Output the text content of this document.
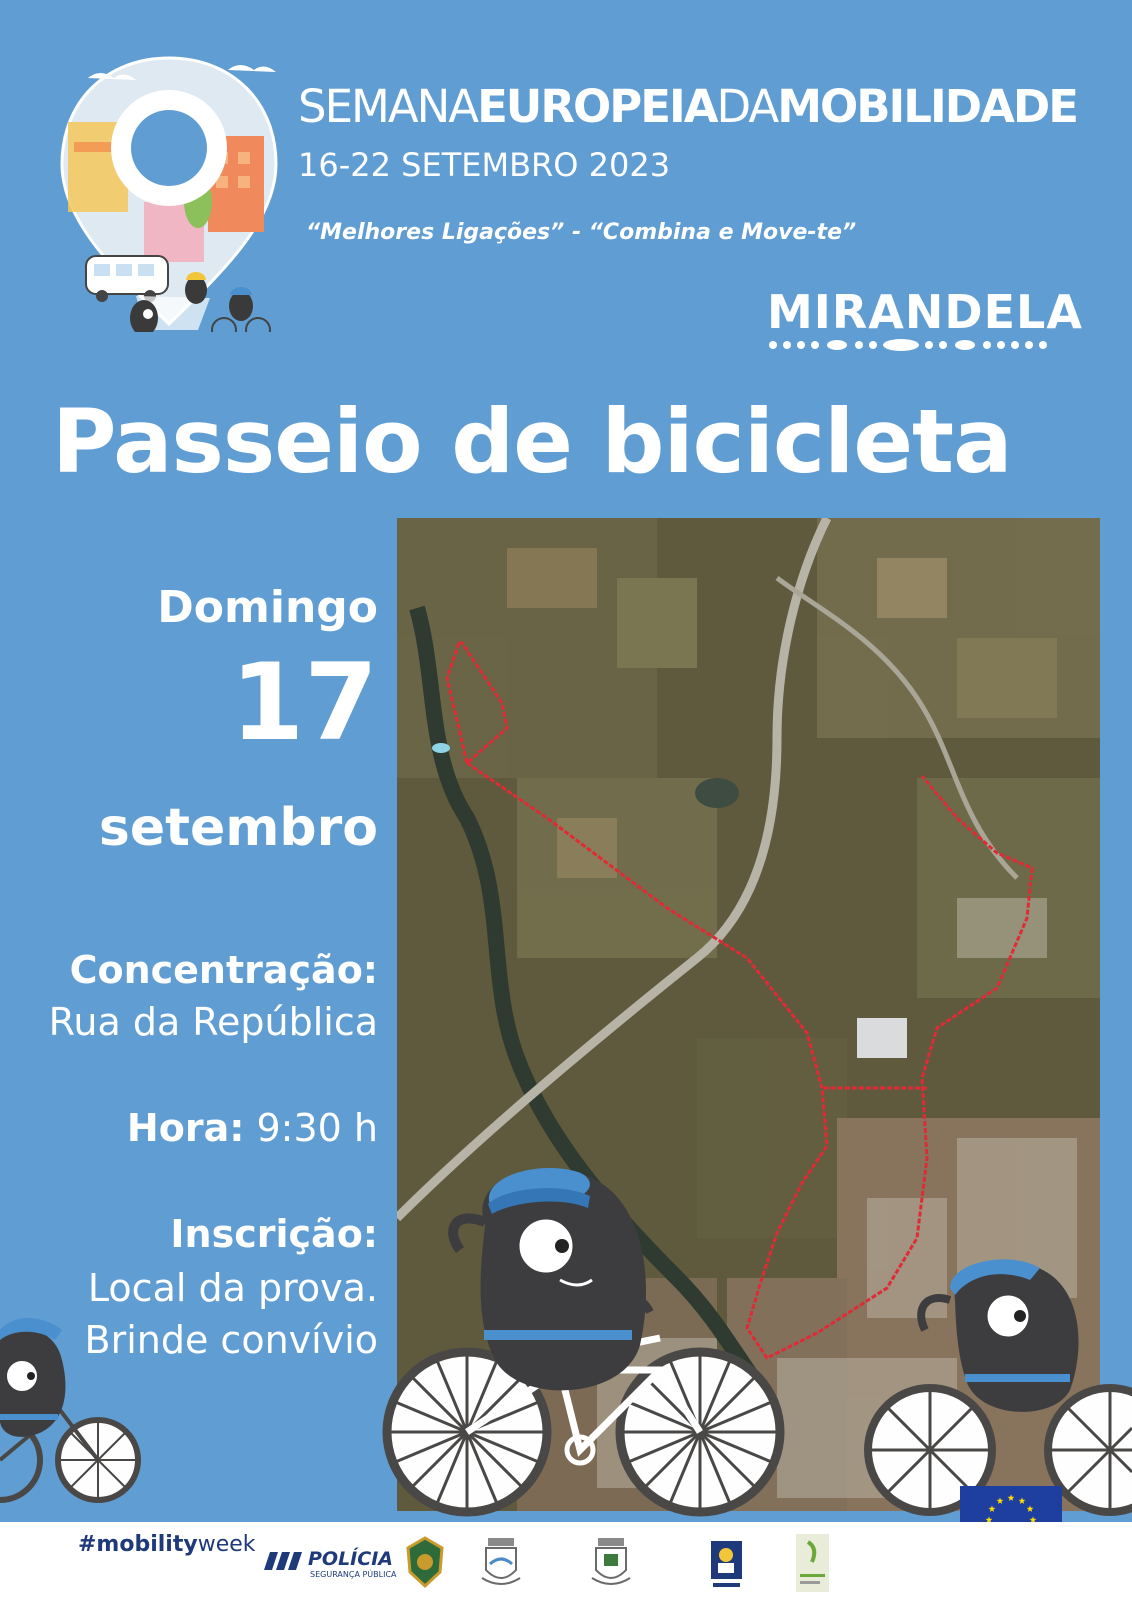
SEMANAEUROPEIADAMOBILIDADE
16-22 SETEMBRO 2023
“Melhores Ligações” - “Combina e Move-te”
MIRANDELA
Passeio de bicicleta
Domingo
17
setembro
Concentração:
Rua da República
Hora: 9:30 h
Inscrição:
Local da prova.
Brinde convívio
#mobilityweek
POLÍCIA
SEGURANÇA PÚBLICA
